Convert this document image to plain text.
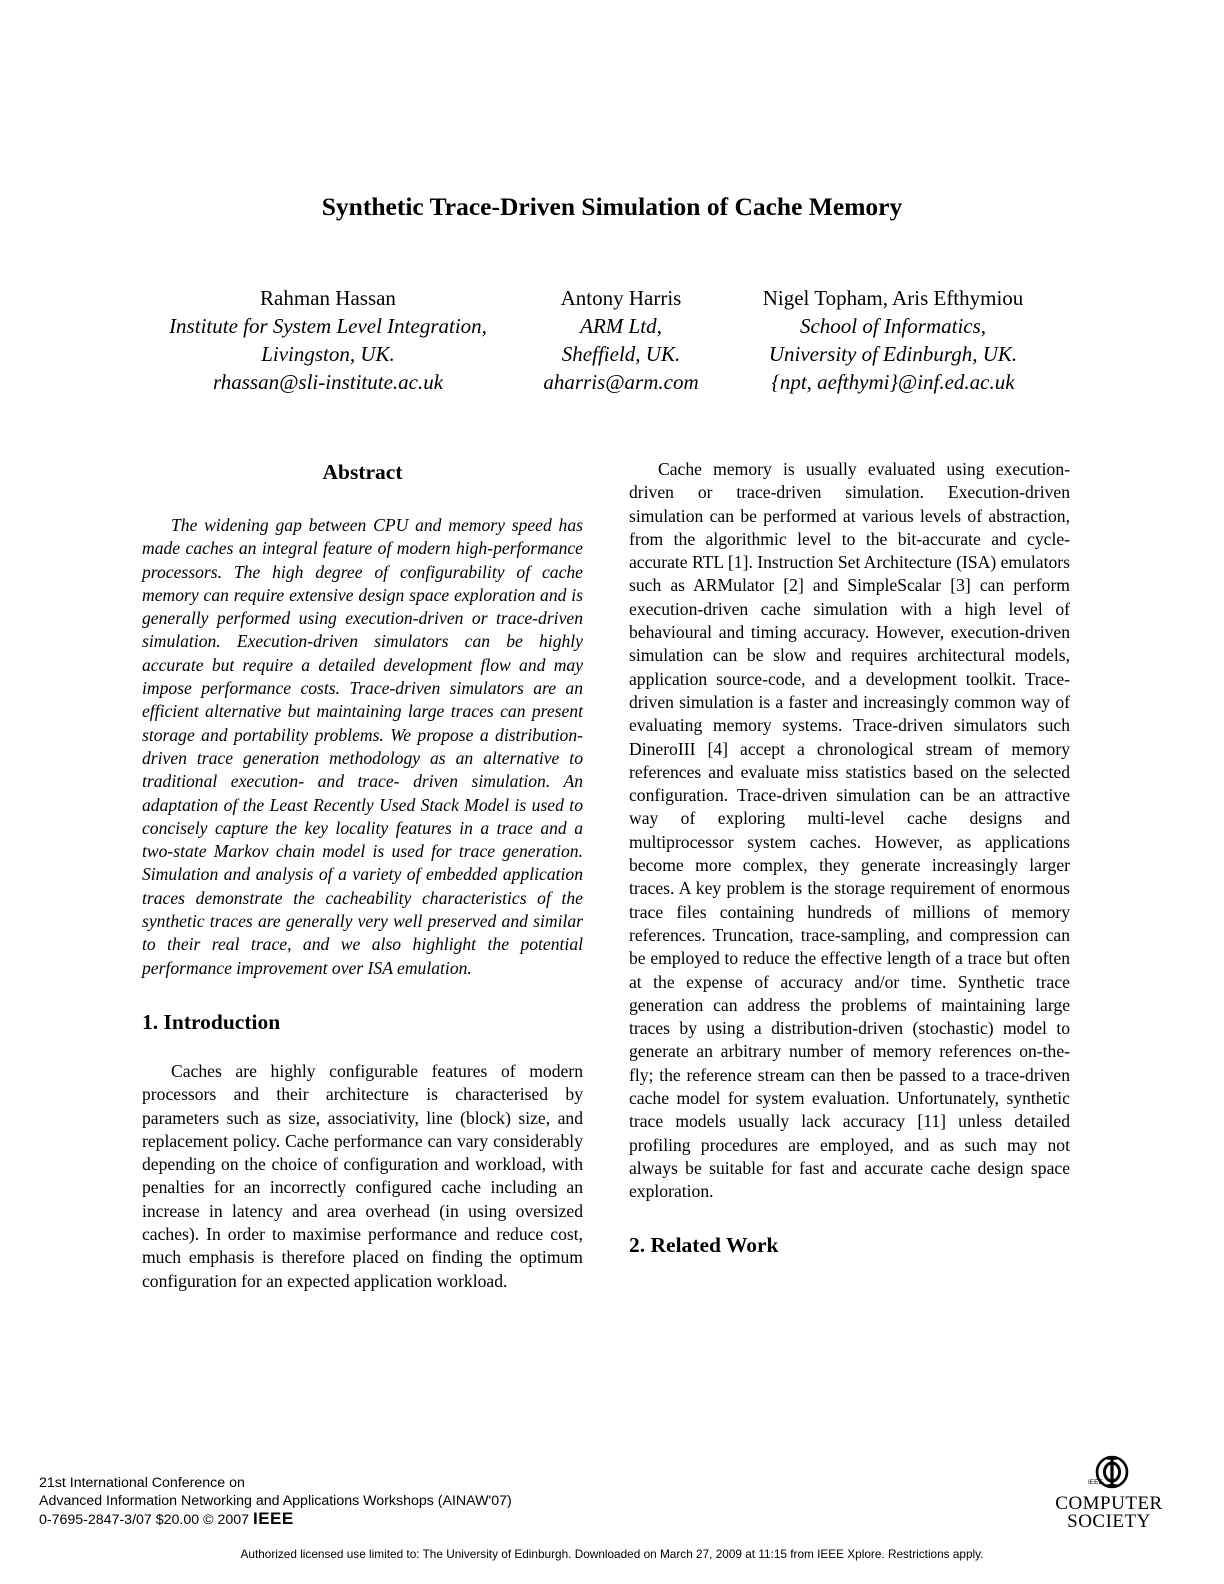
Synthetic Trace-Driven Simulation of Cache Memory
Rahman Hassan
Institute for System Level Integration,
Livingston, UK.
rhassan@sli-institute.ac.uk
Antony Harris
ARM Ltd,
Sheffield, UK.
aharris@arm.com
Nigel Topham, Aris Efthymiou
School of Informatics,
University of Edinburgh, UK.
{npt, aefthymi}@inf.ed.ac.uk
Abstract

The widening gap between CPU and memory speed has made caches an integral feature of modern high-performance processors. The high degree of configurability of cache memory can require extensive design space exploration and is generally performed using execution-driven or trace-driven simulation. Execution-driven simulators can be highly accurate but require a detailed development flow and may impose performance costs. Trace-driven simulators are an efficient alternative but maintaining large traces can present storage and portability problems. We propose a distribution-driven trace generation methodology as an alternative to traditional execution- and trace- driven simulation. An adaptation of the Least Recently Used Stack Model is used to concisely capture the key locality features in a trace and a two-state Markov chain model is used for trace generation. Simulation and analysis of a variety of embedded application traces demonstrate the cacheability characteristics of the synthetic traces are generally very well preserved and similar to their real trace, and we also highlight the potential performance improvement over ISA emulation.

1. Introduction

Caches are highly configurable features of modern processors and their architecture is characterised by parameters such as size, associativity, line (block) size, and replacement policy. Cache performance can vary considerably depending on the choice of configuration and workload, with penalties for an incorrectly configured cache including an increase in latency and area overhead (in using oversized caches). In order to maximise performance and reduce cost, much emphasis is therefore placed on finding the optimum configuration for an expected application workload.

Cache memory is usually evaluated using execution-driven or trace-driven simulation. Execution-driven simulation can be performed at various levels of abstraction, from the algorithmic level to the bit-accurate and cycle-accurate RTL [1]. Instruction Set Architecture (ISA) emulators such as ARMulator [2] and SimpleScalar [3] can perform execution-driven cache simulation with a high level of behavioural and timing accuracy. However, execution-driven simulation can be slow and requires architectural models, application source-code, and a development toolkit. Trace-driven simulation is a faster and increasingly common way of evaluating memory systems. Trace-driven simulators such DineroIII [4] accept a chronological stream of memory references and evaluate miss statistics based on the selected configuration. Trace-driven simulation can be an attractive way of exploring multi-level cache designs and multiprocessor system caches. However, as applications become more complex, they generate increasingly larger traces. A key problem is the storage requirement of enormous trace files containing hundreds of millions of memory references. Truncation, trace-sampling, and compression can be employed to reduce the effective length of a trace but often at the expense of accuracy and/or time. Synthetic trace generation can address the problems of maintaining large traces by using a distribution-driven (stochastic) model to generate an arbitrary number of memory references on-the-fly; the reference stream can then be passed to a trace-driven cache model for system evaluation. Unfortunately, synthetic trace models usually lack accuracy [11] unless detailed profiling procedures are employed, and as such may not always be suitable for fast and accurate cache design space exploration.

2. Related Work
21st International Conference on
Advanced Information Networking and Applications Workshops (AINAW'07)
0-7695-2847-3/07 $20.00 © 2007 IEEE
IEEE
COMPUTER
SOCIETY
Authorized licensed use limited to: The University of Edinburgh. Downloaded on March 27, 2009 at 11:15 from IEEE Xplore. Restrictions apply.
